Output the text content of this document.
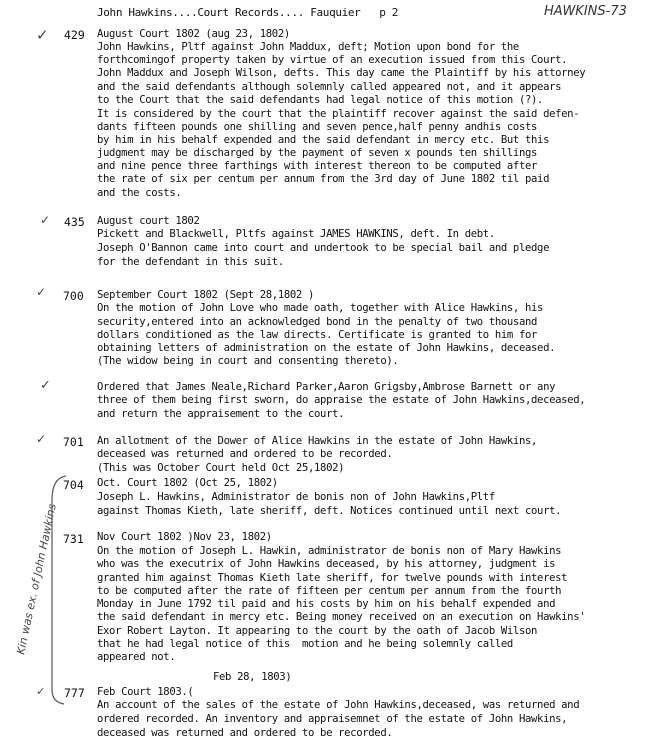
John Hawkins....Court Records.... Fauquier   p 2	HAWKINS-73
✓ 429 August Court 1802 (aug 23, 1802)
John Hawkins, Pltf against John Maddux, deft; Motion upon bond for the
forthcomingof property taken by virtue of an execution issued from this Court.
John Maddux and Joseph Wilson, defts. This day came the Plaintiff by his attorney
and the said defendants although solemnly called appeared not, and it appears
to the Court that the said defendants had legal notice of this motion (?).
It is considered by the court that the plaintiff recover against the said defen-
dants fifteen pounds one shilling and seven pence,half penny andhis costs
by him in his behalf expended and the said defendant in mercy etc. But this
judgment may be discharged by the payment of seven x pounds ten shillings
and nine pence three farthings with interest thereon to be computed after
the rate of six per centum per annum from the 3rd day of June 1802 til paid
and the costs.
✓ 435 August court 1802
Pickett and Blackwell, Pltfs against JAMES HAWKINS, deft. In debt.
Joseph O'Bannon came into court and undertook to be special bail and pledge
for the defendant in this suit.
✓ 700 September Court 1802 (Sept 28,1802 )
On the motion of John Love who made oath, together with Alice Hawkins, his
security,entered into an acknowledged bond in the penalty of two thousand
dollars conditioned as the law directs. Certificate is granted to him for
obtaining letters of administration on the estate of John Hawkins, deceased.
(The widow being in court and consenting thereto).
✓	Ordered that James Neale,Richard Parker,Aaron Grigsby,Ambrose Barnett or any
three of them being first sworn, do appraise the estate of John Hawkins,deceased,
and return the appraisement to the court.
✓ 701 An allotment of the Dower of Alice Hawkins in the estate of John Hawkins,
deceased was returned and ordered to be recorded.
(This was October Court held Oct 25,1802)
704 Oct. Court 1802 (Oct 25, 1802)
Joseph L. Hawkins, Administrator de bonis non of John Hawkins,Pltf
against Thomas Kieth, late sheriff, deft. Notices continued until next court.
Kin was ex. of John Hawkins 731 Nov Court 1802 )Nov 23, 1802)
On the motion of Joseph L. Hawkin, administrator de bonis non of Mary Hawkins
who was the executrix of John Hawkins deceased, by his attorney, judgment is
granted him against Thomas Kieth late sheriff, for twelve pounds with interest
to be computed after the rate of fifteen per centum per annum from the fourth
Monday in June 1792 til paid and his costs by him on his behalf expended and
the said defendant in mercy etc. Being money received on an execution on Hawkins'
Exor Robert Layton. It appearing to the court by the oath of Jacob Wilson
that he had legal notice of this  motion and he being solemnly called
appeared not.
Feb 28, 1803)
✓ 777 Feb Court 1803.(
An account of the sales of the estate of John Hawkins,deceased, was returned and
ordered recorded. An inventory and appraisemnet of the estate of John Hawkins,
deceased was returned and ordered to be recorded.
